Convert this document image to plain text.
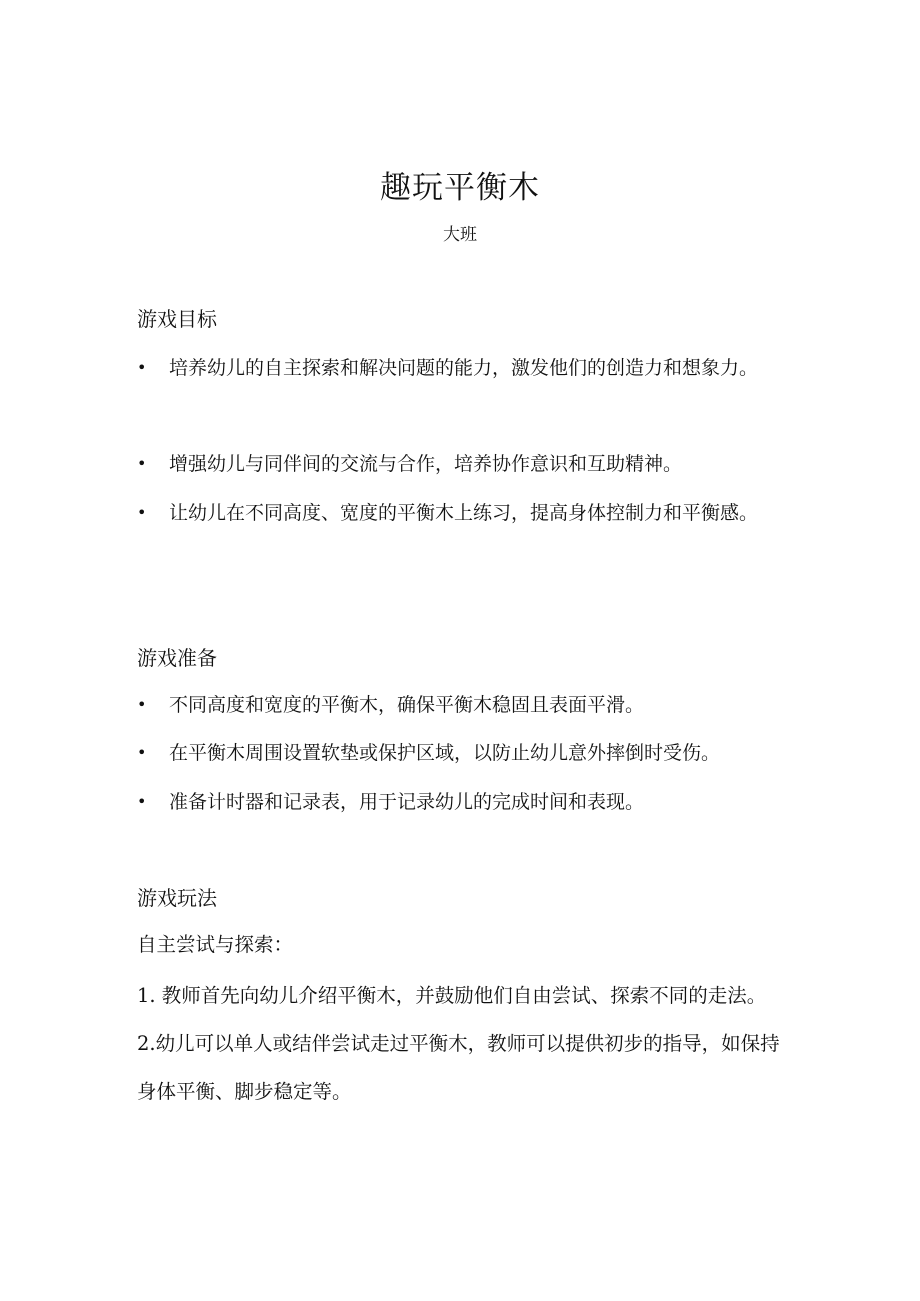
趣玩平衡木
大班
游戏目标
•	培养幼儿的自主探索和解决问题的能力，激发他们的创造力和想象力。
•	增强幼儿与同伴间的交流与合作，培养协作意识和互助精神。
•	让幼儿在不同高度、宽度的平衡木上练习，提高身体控制力和平衡感。
游戏准备
•	不同高度和宽度的平衡木，确保平衡木稳固且表面平滑。
•	在平衡木周围设置软垫或保护区域，以防止幼儿意外摔倒时受伤。
•	准备计时器和记录表，用于记录幼儿的完成时间和表现。
游戏玩法
自主尝试与探索：
1. 教师首先向幼儿介绍平衡木，并鼓励他们自由尝试、探索不同的走法。
2.幼儿可以单人或结伴尝试走过平衡木，教师可以提供初步的指导，如保持身体平衡、脚步稳定等。
